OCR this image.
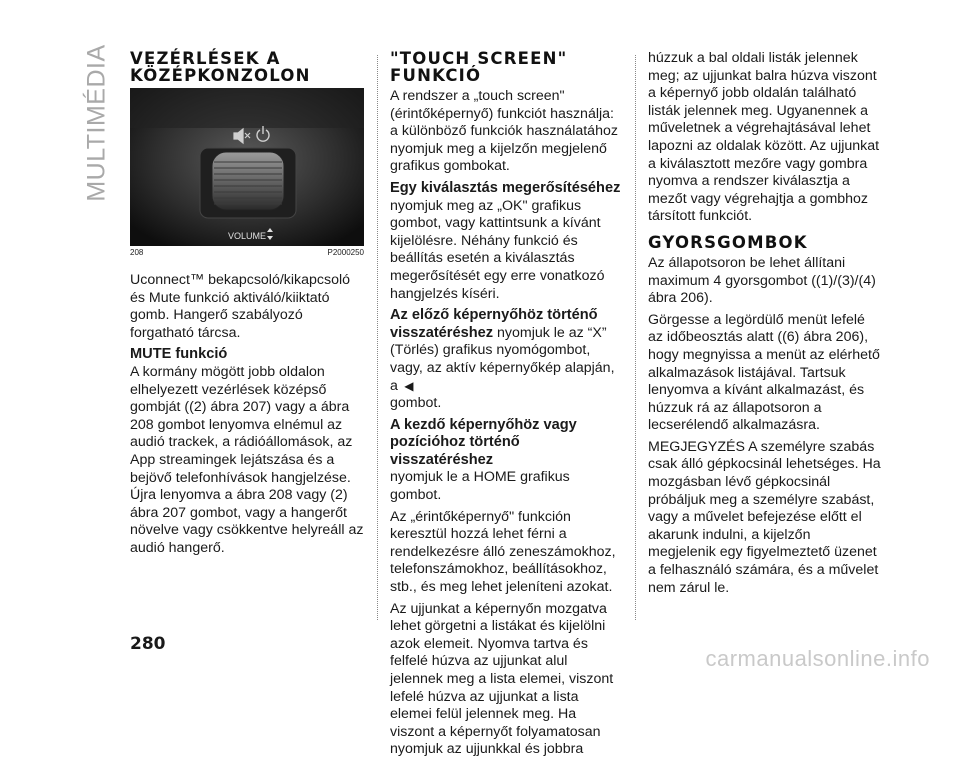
MULTIMÉDIA VEZÉRLÉSEK A KÖZÉPKONZOLON
VOLUME
208	P2000250

Uconnect™ bekapcsoló/kikapcsoló és Mute funkció aktiváló/kiiktató gomb. Hangerő szabályozó forgatható tárcsa.

MUTE funkció

A kormány mögött jobb oldalon elhelyezett vezérlések középső gombját ((2) ábra 207) vagy a ábra 208 gombot lenyomva elnémul az audió trackek, a rádióállomások, az App streamingek lejátszása és a bejövő telefonhívások hangjelzése. Újra lenyomva a ábra 208 vagy (2) ábra 207 gombot, vagy a hangerőt növelve vagy csökkentve helyreáll az audió hangerő.

"TOUCH SCREEN" FUNKCIÓ

A rendszer a „touch screen" (érintőképernyő) funkciót használja: a különböző funkciók használatához nyomjuk meg a kijelzőn megjelenő grafikus gombokat.

Egy kiválasztás megerősítéséhez

nyomjuk meg az „OK" grafikus gombot, vagy kattintsunk a kívánt kijelölésre. Néhány funkció és beállítás esetén a kiválasztás megerősítését egy erre vonatkozó hangjelzés kíséri.

Az előző képernyőhöz történő visszatéréshez nyomjuk le az “X” (Törlés) grafikus nyomógombot, vagy, az aktív képernyőkép alapján, a ◀

gombot.

A kezdő képernyőhöz vagy pozícióhoz történő visszatéréshez

nyomjuk le a HOME grafikus gombot.

Az „érintőképernyő" funkción keresztül hozzá lehet férni a rendelkezésre álló zeneszámokhoz, telefonszámokhoz, beállításokhoz, stb., és meg lehet jeleníteni azokat.

Az ujjunkat a képernyőn mozgatva lehet görgetni a listákat és kijelölni azok elemeit. Nyomva tartva és felfelé húzva az ujjunkat alul jelennek meg a lista elemei, viszont lefelé húzva az ujjunkat a lista elemei felül jelennek meg. Ha viszont a képernyőt folyamatosan nyomjuk az ujjunkkal és jobbra

húzzuk a bal oldali listák jelennek meg; az ujjunkat balra húzva viszont a képernyő jobb oldalán található listák jelennek meg. Ugyanennek a műveletnek a végrehajtásával lehet lapozni az oldalak között. Az ujjunkat a kiválasztott mezőre vagy gombra nyomva a rendszer kiválasztja a mezőt vagy végrehajtja a gombhoz társított funkciót.

GYORSGOMBOK

Az állapotsoron be lehet állítani maximum 4 gyorsgombot ((1)/(3)/(4) ábra 206).

Görgesse a legördülő menüt lefelé az időbeosztás alatt ((6) ábra 206), hogy megnyissa a menüt az elérhető alkalmazások listájával. Tartsuk lenyomva a kívánt alkalmazást, és húzzuk rá az állapotsoron a lecserélendő alkalmazásra.

MEGJEGYZÉS A személyre szabás csak álló gépkocsinál lehetséges. Ha mozgásban lévő gépkocsinál próbáljuk meg a személyre szabást, vagy a művelet befejezése előtt el akarunk indulni, a kijelzőn megjelenik egy figyelmeztető üzenet a felhasználó számára, és a művelet nem zárul le.

280
carmanualsonline.info
